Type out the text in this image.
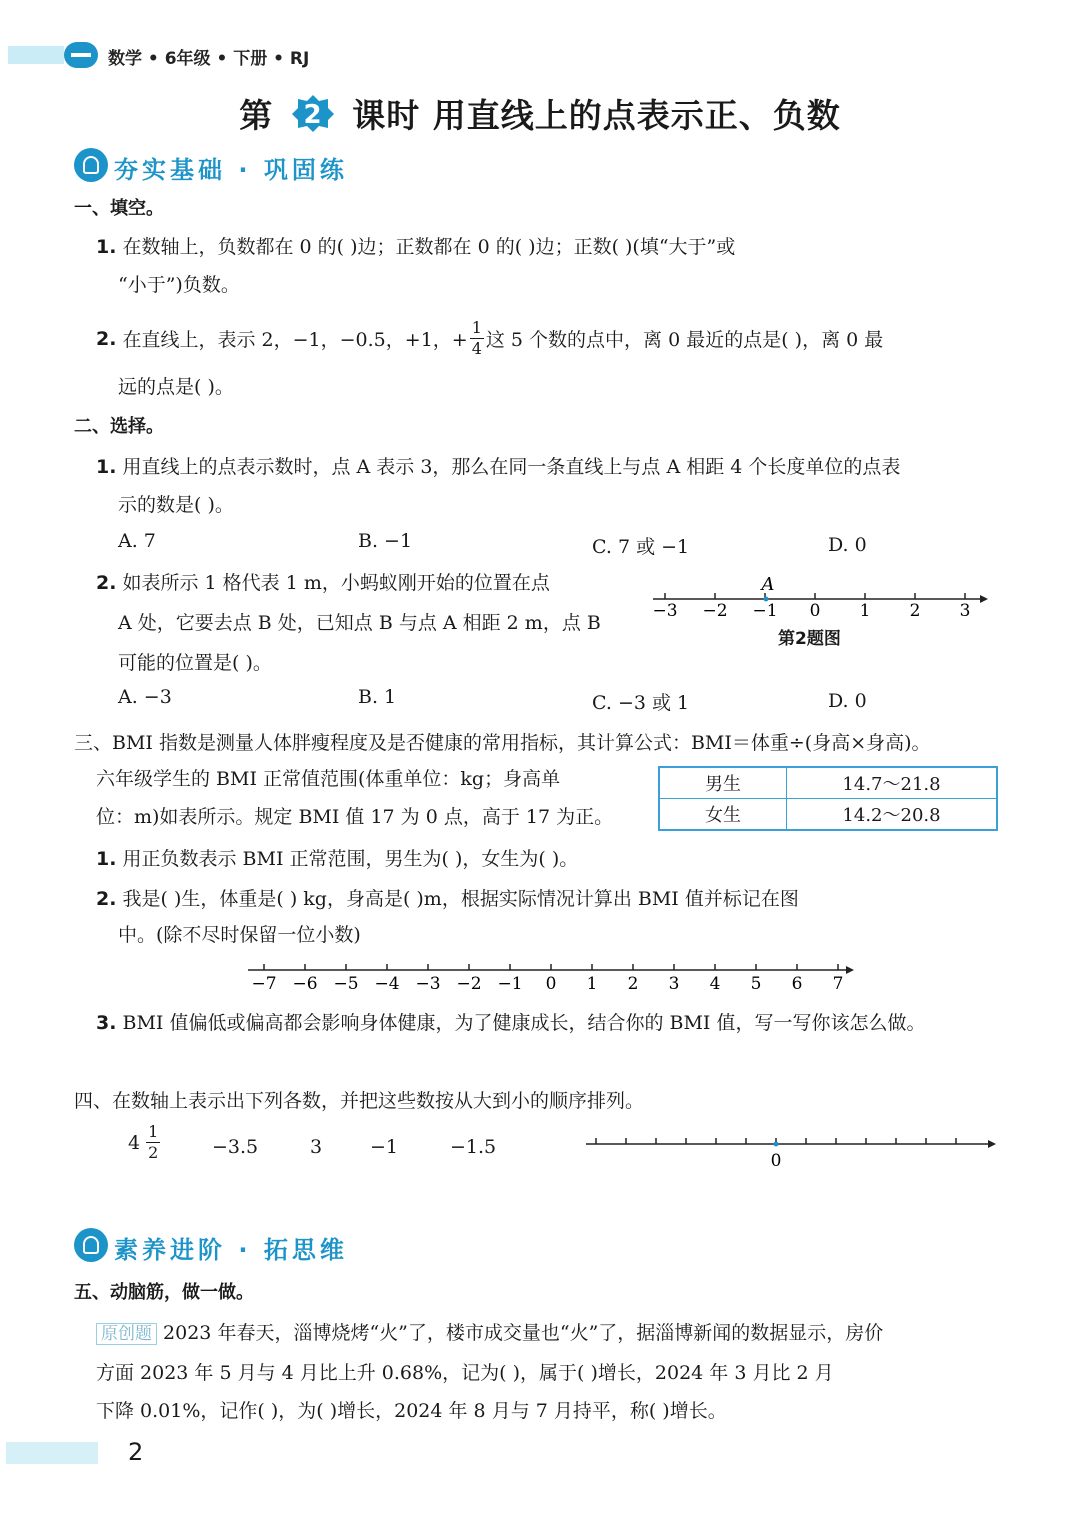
数学 • 6年级 • 下册 • RJ
第 2 课时 用直线上的点表示正、负数
夯实基础 · 巩固练
一、填空。
1. 在数轴上，负数都在 0 的( )边；正数都在 0 的( )边；正数( )(填“大于”或
“小于”)负数。
2.
在直线上，表示 2，−1，−0.5，+1，+ $\frac{1}{4}$ 这 5 个数的点中，离 0 最近的点是( )，离 0 最
远的点是( )。
二、选择。
1. 用直线上的点表示数时，点 A 表示 3，那么在同一条直线上与点 A 相距 4 个长度单位的点表
示的数是( )。
A. 7	B. −1	C. 7 或 −1	D. 0
2. 如表所示 1 格代表 1 m，小蚂蚁刚开始的位置在点
A 处，它要去点 B 处，已知点 B 与点 A 相距 2 m，点 B
可能的位置是( )。
−3 −2 −1 0 1 2 3
A
第2题图
A. −3	B. 1	C. −3 或 1	D. 0
三、BMI 指数是测量人体胖瘦程度及是否健康的常用指标，其计算公式：BMI＝体重÷(身高×身高)。
六年级学生的 BMI 正常值范围(体重单位：kg；身高单
位：m)如表所示。规定 BMI 值 17 为 0 点，高于 17 为正。
男生	14.7～21.8
女生	14.2～20.8
1. 用正负数表示 BMI 正常范围，男生为( )，女生为( )。
2. 我是( )生，体重是( ) kg，身高是( )m，根据实际情况计算出 BMI 值并标记在图
中。(除不尽时保留一位小数)
−7 −6 −5 −4 −3 −2 −1 0 1 2 3 4 5 6 7
3. BMI 值偏低或偏高都会影响身体健康，为了健康成长，结合你的 BMI 值，写一写你该怎么做。
四、在数轴上表示出下列各数，并把这些数按从大到小的顺序排列。
$4 \frac{1}{2}$	−3.5	3	−1	−1.5
0
素养进阶 · 拓思维
五、动脑筋，做一做。
原创题 2023 年春天，淄博烧烤“火”了，楼市成交量也“火”了，据淄博新闻的数据显示，房价
方面 2023 年 5 月与 4 月比上升 0.68%，记为( )，属于( )增长，2024 年 3 月比 2 月
下降 0.01%，记作( )，为( )增长，2024 年 8 月与 7 月持平，称( )增长。
2
